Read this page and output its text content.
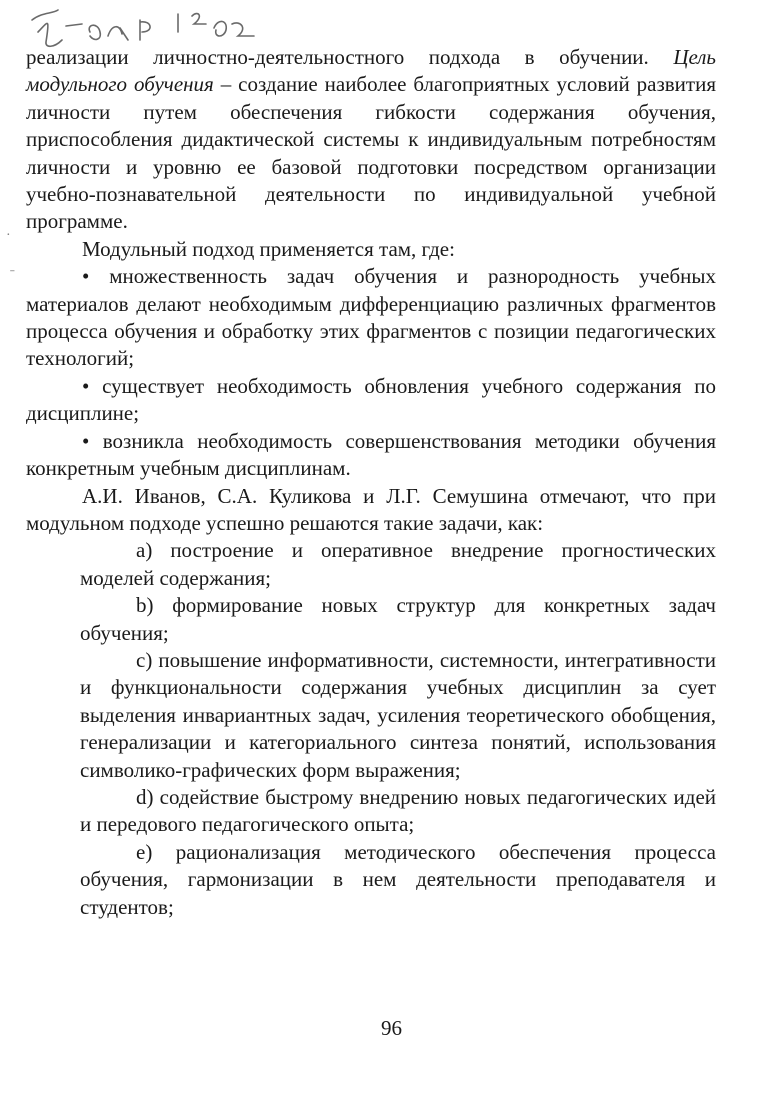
·
ˉ

реализации личностно-деятельностного подхода в обучении. Цель модульного обучения – создание наиболее благоприятных условий развития личности путем обеспечения гибкости содержания обучения, приспособления дидактической системы к индивидуальным потребностям личности и уровню ее базовой подготовки посредством организации учебно-познавательной деятельности по индивидуальной учебной программе.

Модульный подход применяется там, где:

• множественность задач обучения и разнородность учебных материалов делают необходимым дифференциацию различных фрагментов процесса обучения и обработку этих фрагментов с позиции педагогических технологий;

• существует необходимость обновления учебного содержания по дисциплине;

• возникла необходимость совершенствования методики обучения конкретным учебным дисциплинам.

А.И. Иванов, С.А. Куликова и Л.Г. Семушина отмечают, что при модульном подходе успешно решаются такие задачи, как:

а) построение и оперативное внедрение прогностических моделей содержания;

b) формирование новых структур для конкретных задач обучения;

c) повышение информативности, системности, интегративности и функциональности содержания учебных дисциплин за сует выделения инвариантных задач, усиления теоретического обобщения, генерализации и категориального синтеза понятий, использования символико-графических форм выражения;

d) содействие быстрому внедрению новых педагогических идей и передового педагогического опыта;

e) рационализация методического обеспечения процесса обучения, гармонизации в нем деятельности преподавателя и студентов;

96
